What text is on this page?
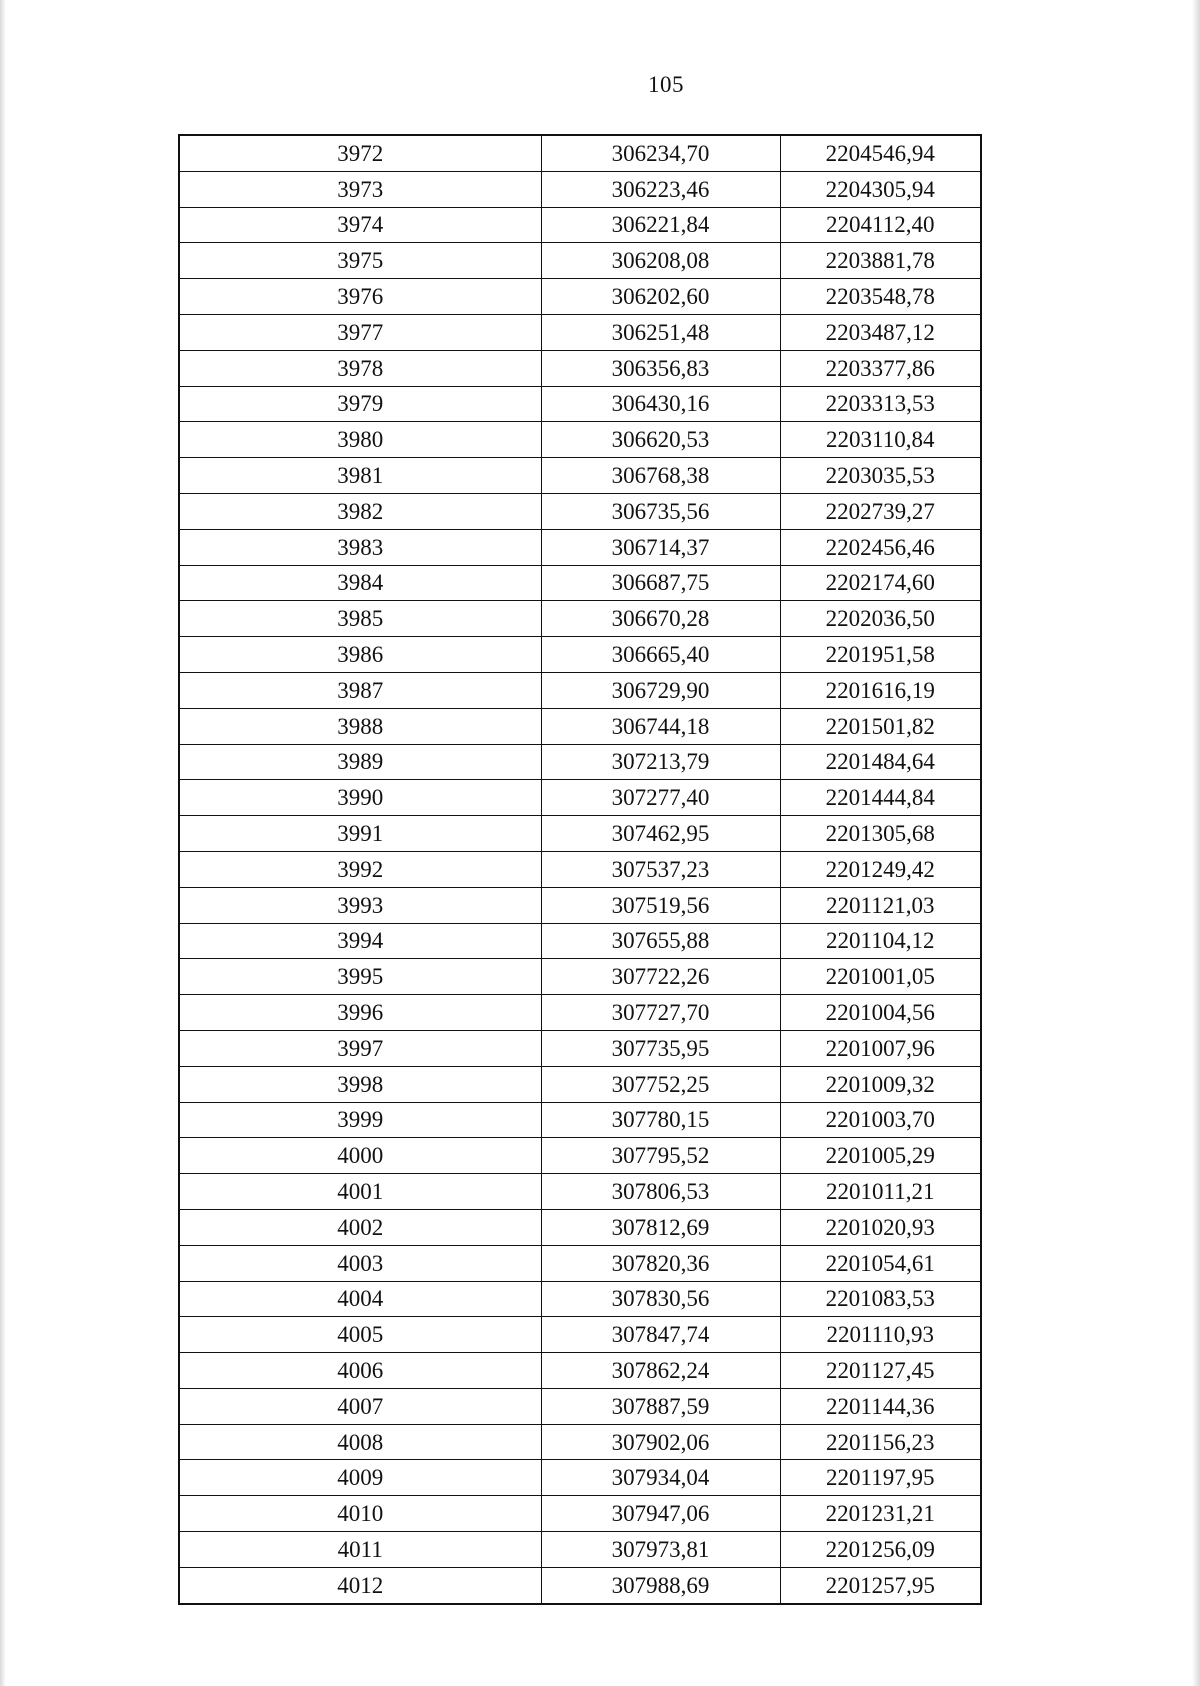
105
3972	306234,70	2204546,94
3973	306223,46	2204305,94
3974	306221,84	2204112,40
3975	306208,08	2203881,78
3976	306202,60	2203548,78
3977	306251,48	2203487,12
3978	306356,83	2203377,86
3979	306430,16	2203313,53
3980	306620,53	2203110,84
3981	306768,38	2203035,53
3982	306735,56	2202739,27
3983	306714,37	2202456,46
3984	306687,75	2202174,60
3985	306670,28	2202036,50
3986	306665,40	2201951,58
3987	306729,90	2201616,19
3988	306744,18	2201501,82
3989	307213,79	2201484,64
3990	307277,40	2201444,84
3991	307462,95	2201305,68
3992	307537,23	2201249,42
3993	307519,56	2201121,03
3994	307655,88	2201104,12
3995	307722,26	2201001,05
3996	307727,70	2201004,56
3997	307735,95	2201007,96
3998	307752,25	2201009,32
3999	307780,15	2201003,70
4000	307795,52	2201005,29
4001	307806,53	2201011,21
4002	307812,69	2201020,93
4003	307820,36	2201054,61
4004	307830,56	2201083,53
4005	307847,74	2201110,93
4006	307862,24	2201127,45
4007	307887,59	2201144,36
4008	307902,06	2201156,23
4009	307934,04	2201197,95
4010	307947,06	2201231,21
4011	307973,81	2201256,09
4012	307988,69	2201257,95
